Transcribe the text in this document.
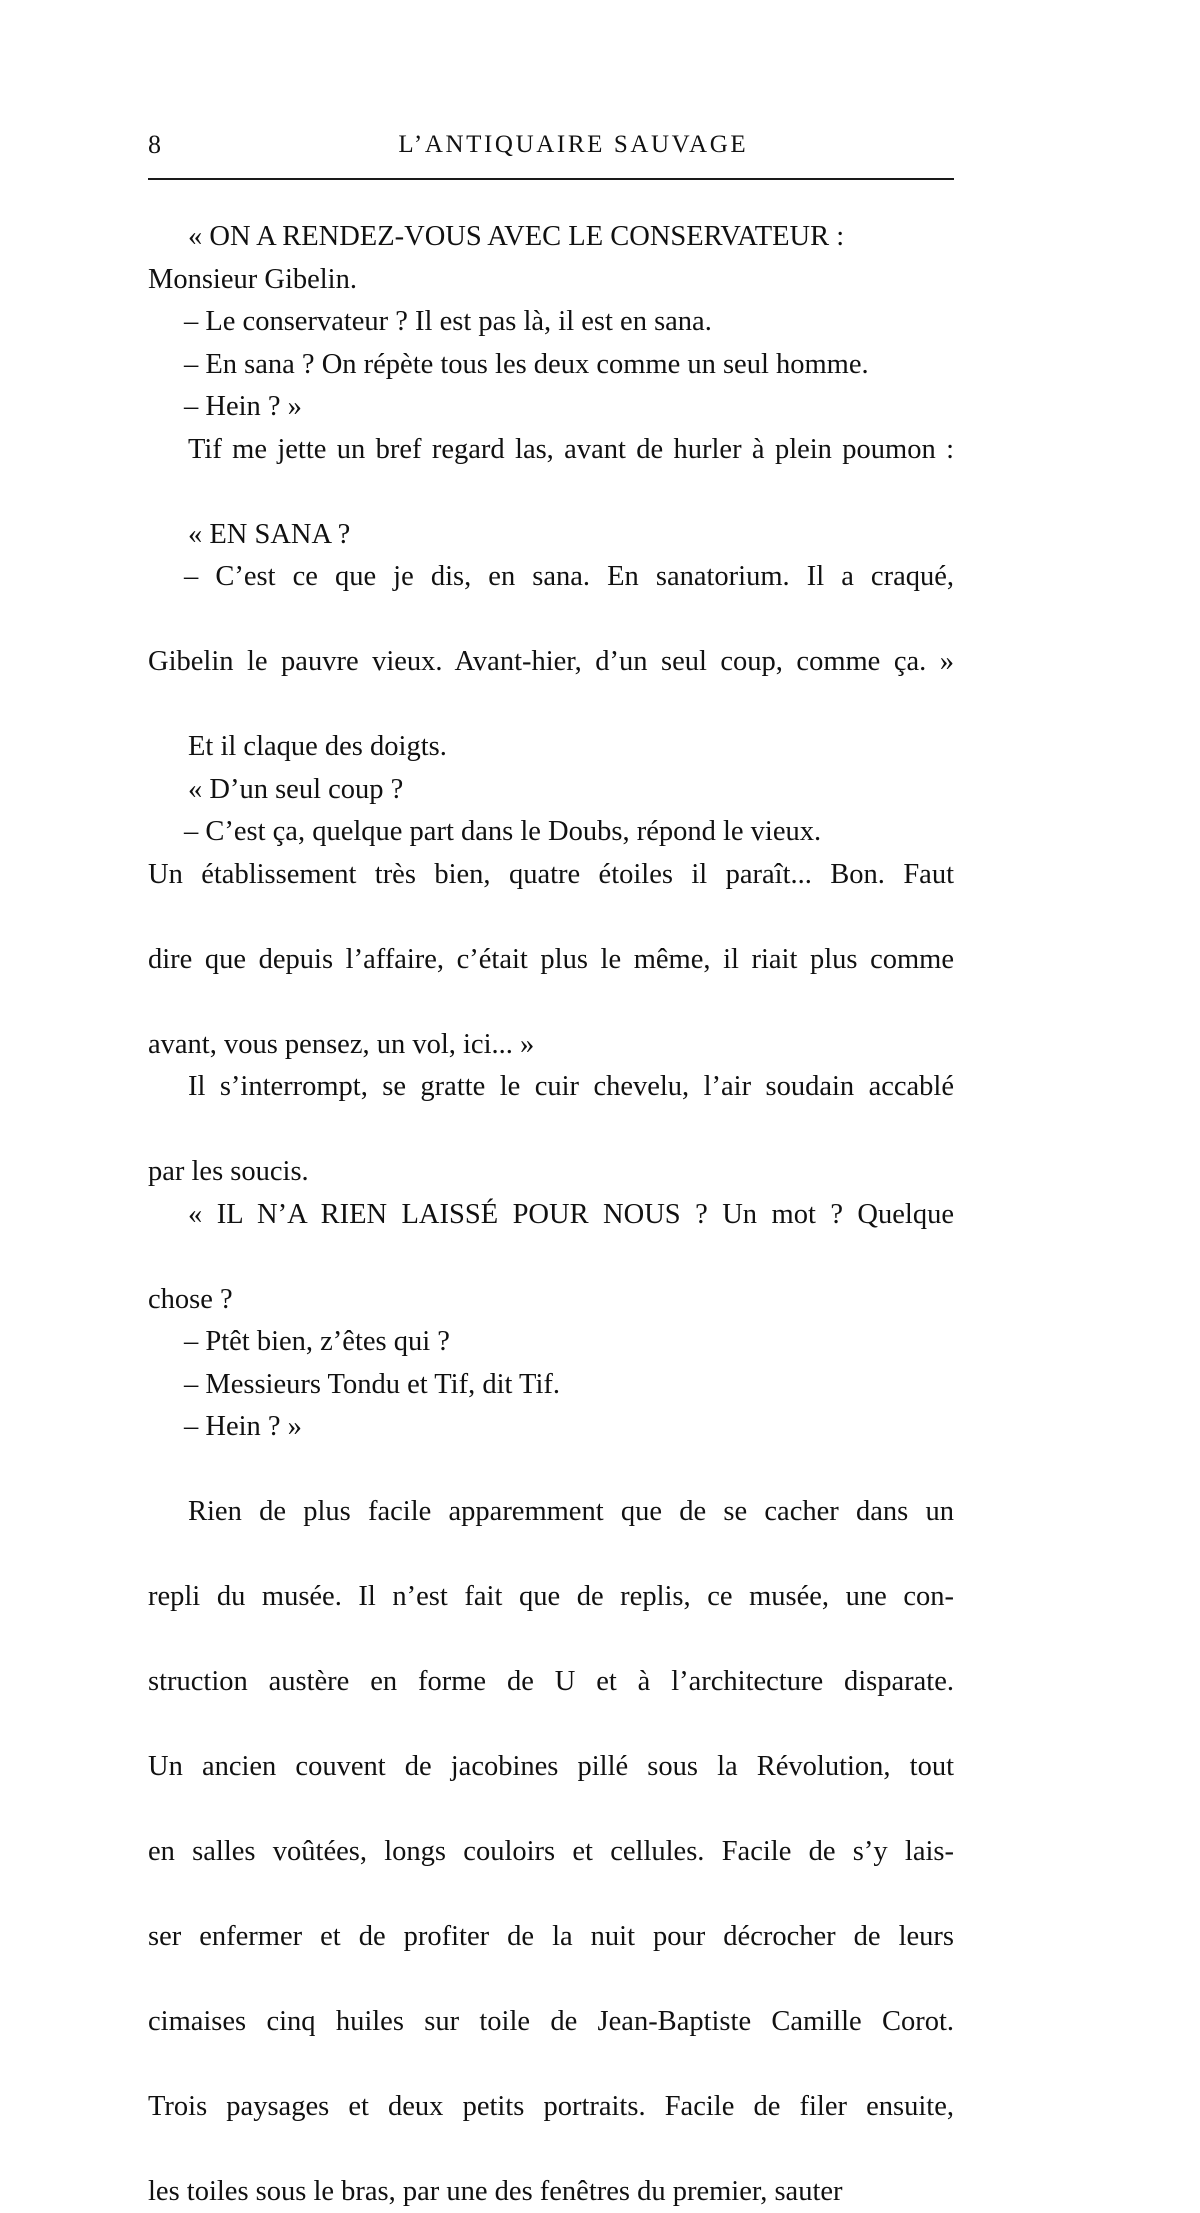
8	L’ANTIQUAIRE SAUVAGE
« ON A RENDEZ-VOUS AVEC LE CONSERVATEUR :
Monsieur Gibelin.
– Le conservateur ? Il est pas là, il est en sana.
– En sana ? On répète tous les deux comme un seul homme.
– Hein ? »
Tif me jette un bref regard las, avant de hurler à plein poumon :
« EN SANA ?
– C’est ce que je dis, en sana. En sanatorium. Il a craqué,
Gibelin le pauvre vieux. Avant-hier, d’un seul coup, comme ça. »
Et il claque des doigts.
« D’un seul coup ?
– C’est ça, quelque part dans le Doubs, répond le vieux.
Un établissement très bien, quatre étoiles il paraît... Bon. Faut
dire que depuis l’affaire, c’était plus le même, il riait plus comme
avant, vous pensez, un vol, ici... »
Il s’interrompt, se gratte le cuir chevelu, l’air soudain accablé
par les soucis.
« IL N’A RIEN LAISSÉ POUR NOUS ? Un mot ? Quelque
chose ?
– Ptêt bien, z’êtes qui ?
– Messieurs Tondu et Tif, dit Tif.
– Hein ? »
Rien de plus facile apparemment que de se cacher dans un
repli du musée. Il n’est fait que de replis, ce musée, une con-
struction austère en forme de U et à l’architecture disparate.
Un ancien couvent de jacobines pillé sous la Révolution, tout
en salles voûtées, longs couloirs et cellules. Facile de s’y lais-
ser enfermer et de profiter de la nuit pour décrocher de leurs
cimaises cinq huiles sur toile de Jean-Baptiste Camille Corot.
Trois paysages et deux petits portraits. Facile de filer ensuite,
les toiles sous le bras, par une des fenêtres du premier, sauter
